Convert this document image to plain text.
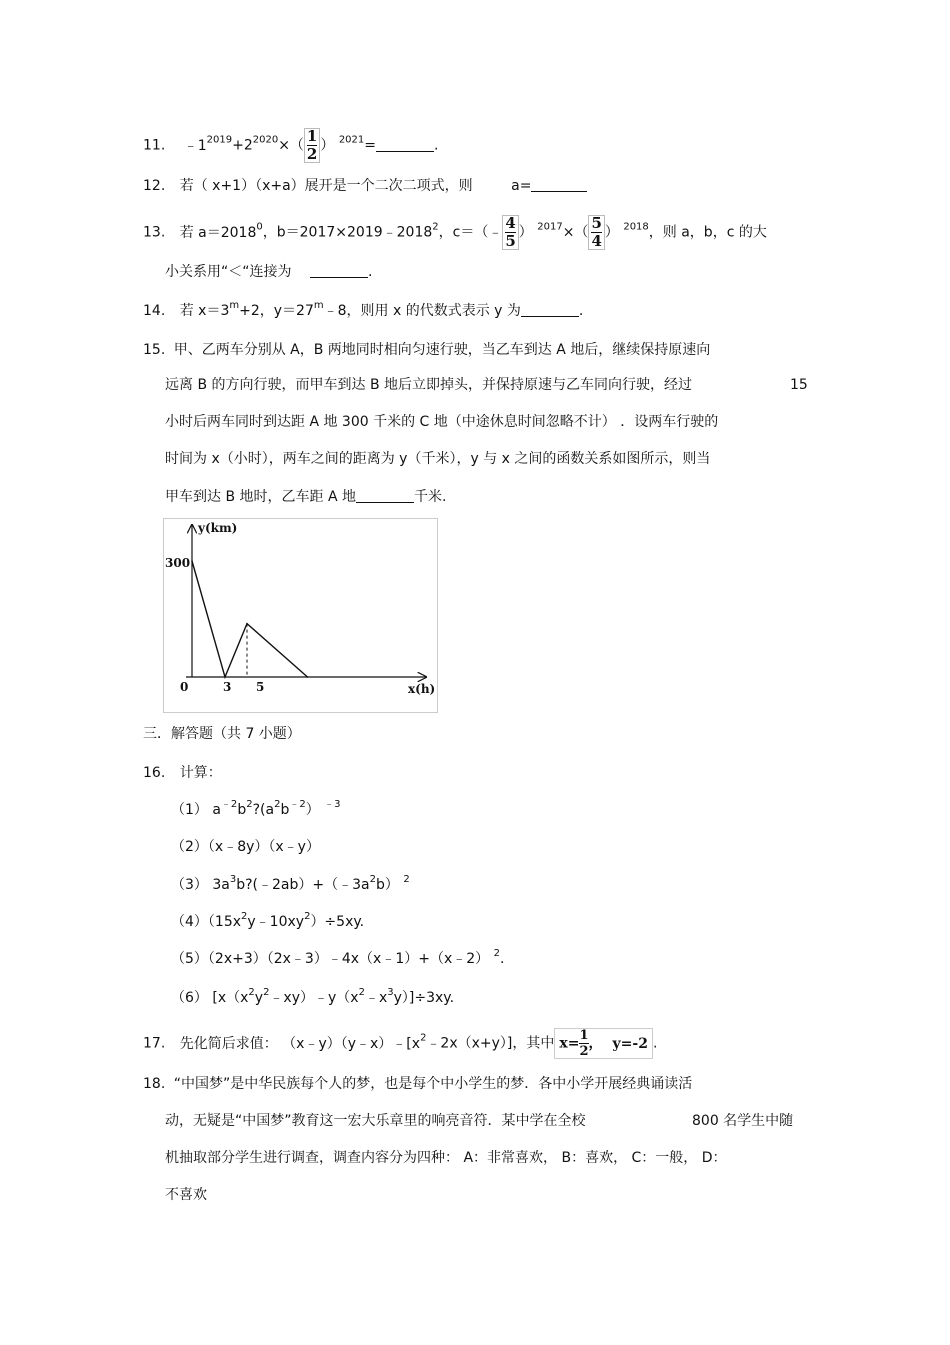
11. $﹣1^{2019}+2^{2020}\times( \frac{1}{2}$ ） $^{2021}$=	.
12. 若（ x+1）（x+a）展开是一个二次二项式，则	a=
13. 若 $a=2018^0$，$b=2017\times 2019﹣2018^2$，c＝（﹣ $\frac{4}{5}$ ） $^{2017}\times( \frac{5}{4}$ ） $^{2018}$，则 a，b，c 的大
小关系用“＜“连接为	.
14. 若 $x=3^m+2$，$y=27^m﹣8$，则用 x 的代数式表示 y 为	.
15. 甲、乙两车分别从 A，B 两地同时相向匀速行驶，当乙车到达 A 地后，继续保持原速向
远离 B 的方向行驶，而甲车到达 B 地后立即掉头，并保持原速与乙车同向行驶，经过	15
小时后两车同时到达距 A 地 300 千米的 C 地（中途休息时间忽略不计） ．设两车行驶的
时间为 x（小时），两车之间的距离为 y（千米），y 与 x 之间的函数关系如图所示，则当
甲车到达 B 地时，乙车距 A 地	千米.
y(km)
x(h)
300
0	3 5
三．解答题（共 7 小题）
16. 计算：
（1） $a^{﹣2}b^2?(a^2b^{﹣2})$ $^{﹣3}$
（2）（x﹣8y）（x﹣y）
（3） $3a^3b?(﹣2ab)+(﹣3a^2b)$ $^2$
$(4)(15x^2y﹣10xy^2)\div 5xy$.
（5）（2x+3）（2x﹣3）﹣4x（x﹣1）+（x﹣2） $^2$.
（6） $[x(x^2y^2﹣xy)﹣y(x^2﹣x^3y)]\div 3xy$.
17. 先化简后求值： $(x﹣y)(y﹣x)﹣[x^2﹣2x(x+y)]$，其中 $x= \frac{1}{2}$ ， y=-2 .
18. “中国梦”是中华民族每个人的梦，也是每个中小学生的梦．各中小学开展经典诵读活
动，无疑是“中国梦”教育这一宏大乐章里的响亮音符．某中学在全校	800 名学生中随
机抽取部分学生进行调查，调查内容分为四种： A：非常喜欢， B：喜欢， C：一般， D：
不喜欢
